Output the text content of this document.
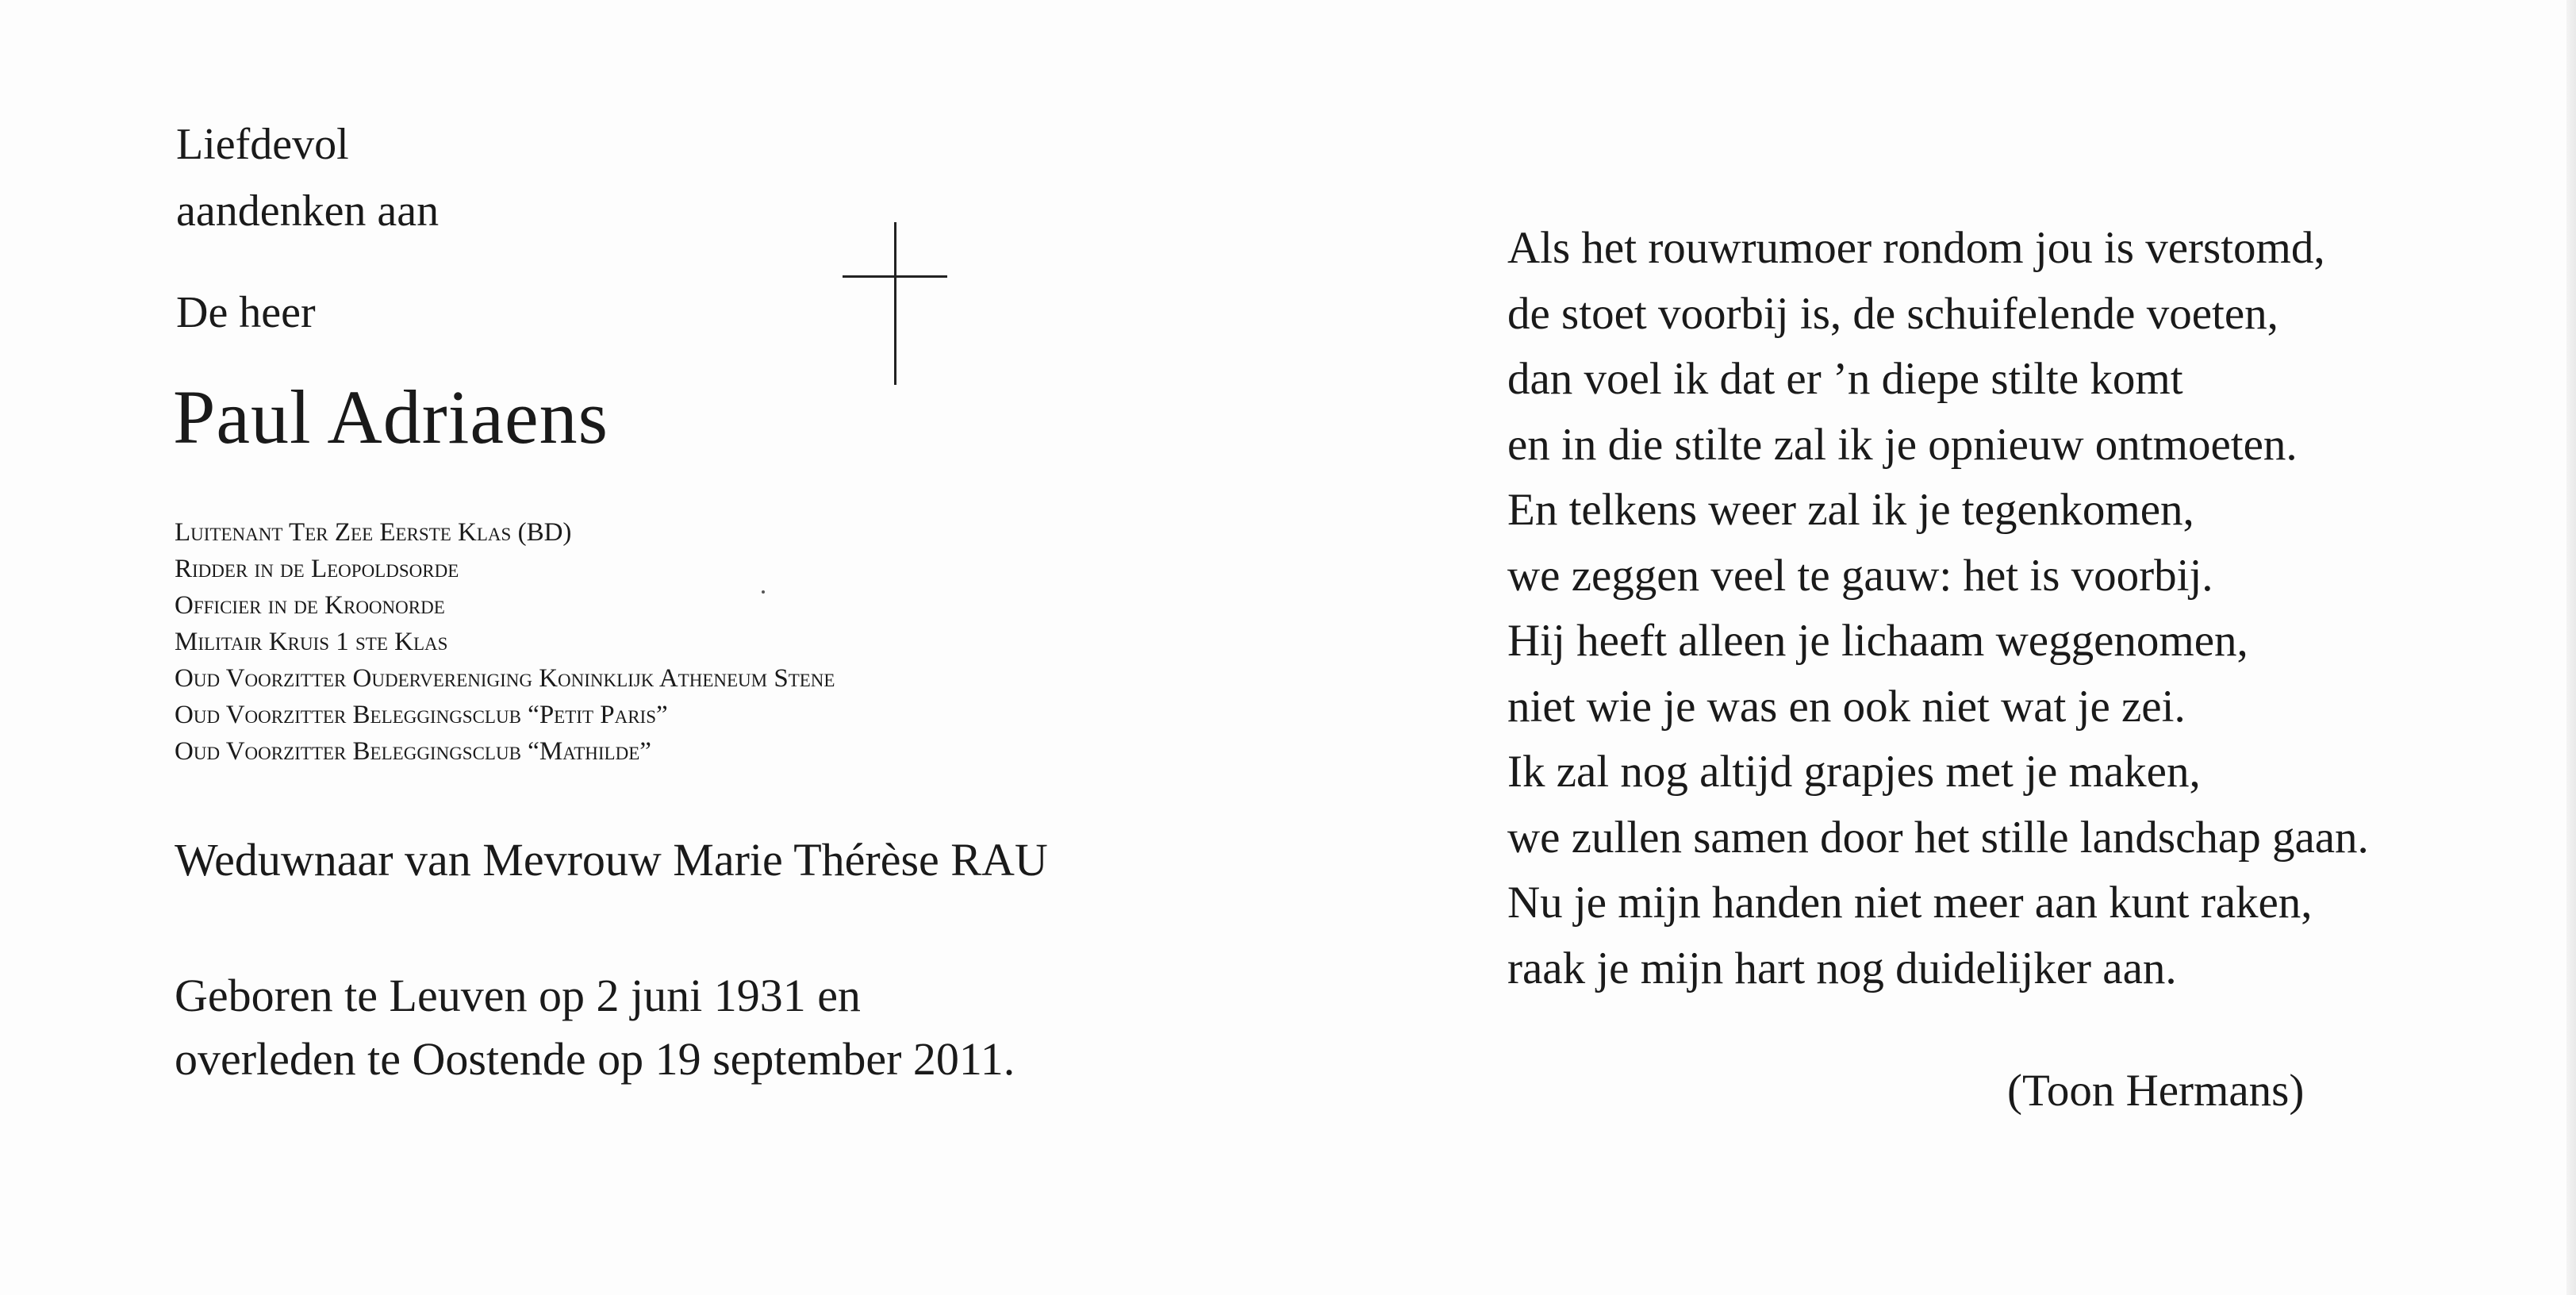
Liefdevol
aandenken aan
De heer
Paul Adriaens
Luitenant Ter Zee Eerste Klas (BD)
Ridder in de Leopoldsorde
Officier in de Kroonorde
Militair Kruis 1 ste Klas
Oud Voorzitter Oudervereniging Koninklijk Atheneum Stene
Oud Voorzitter Beleggingsclub “Petit Paris”
Oud Voorzitter Beleggingsclub “Mathilde”
Weduwnaar van Mevrouw Marie Thérèse RAU
Geboren te Leuven op 2 juni 1931 en
overleden te Oostende op 19 september 2011.
Als het rouwrumoer rondom jou is verstomd,
de stoet voorbij is, de schuifelende voeten,
dan voel ik dat er ’n diepe stilte komt
en in die stilte zal ik je opnieuw ontmoeten.
En telkens weer zal ik je tegenkomen,
we zeggen veel te gauw: het is voorbij.
Hij heeft alleen je lichaam weggenomen,
niet wie je was en ook niet wat je zei.
Ik zal nog altijd grapjes met je maken,
we zullen samen door het stille landschap gaan.
Nu je mijn handen niet meer aan kunt raken,
raak je mijn hart nog duidelijker aan.
(Toon Hermans)
